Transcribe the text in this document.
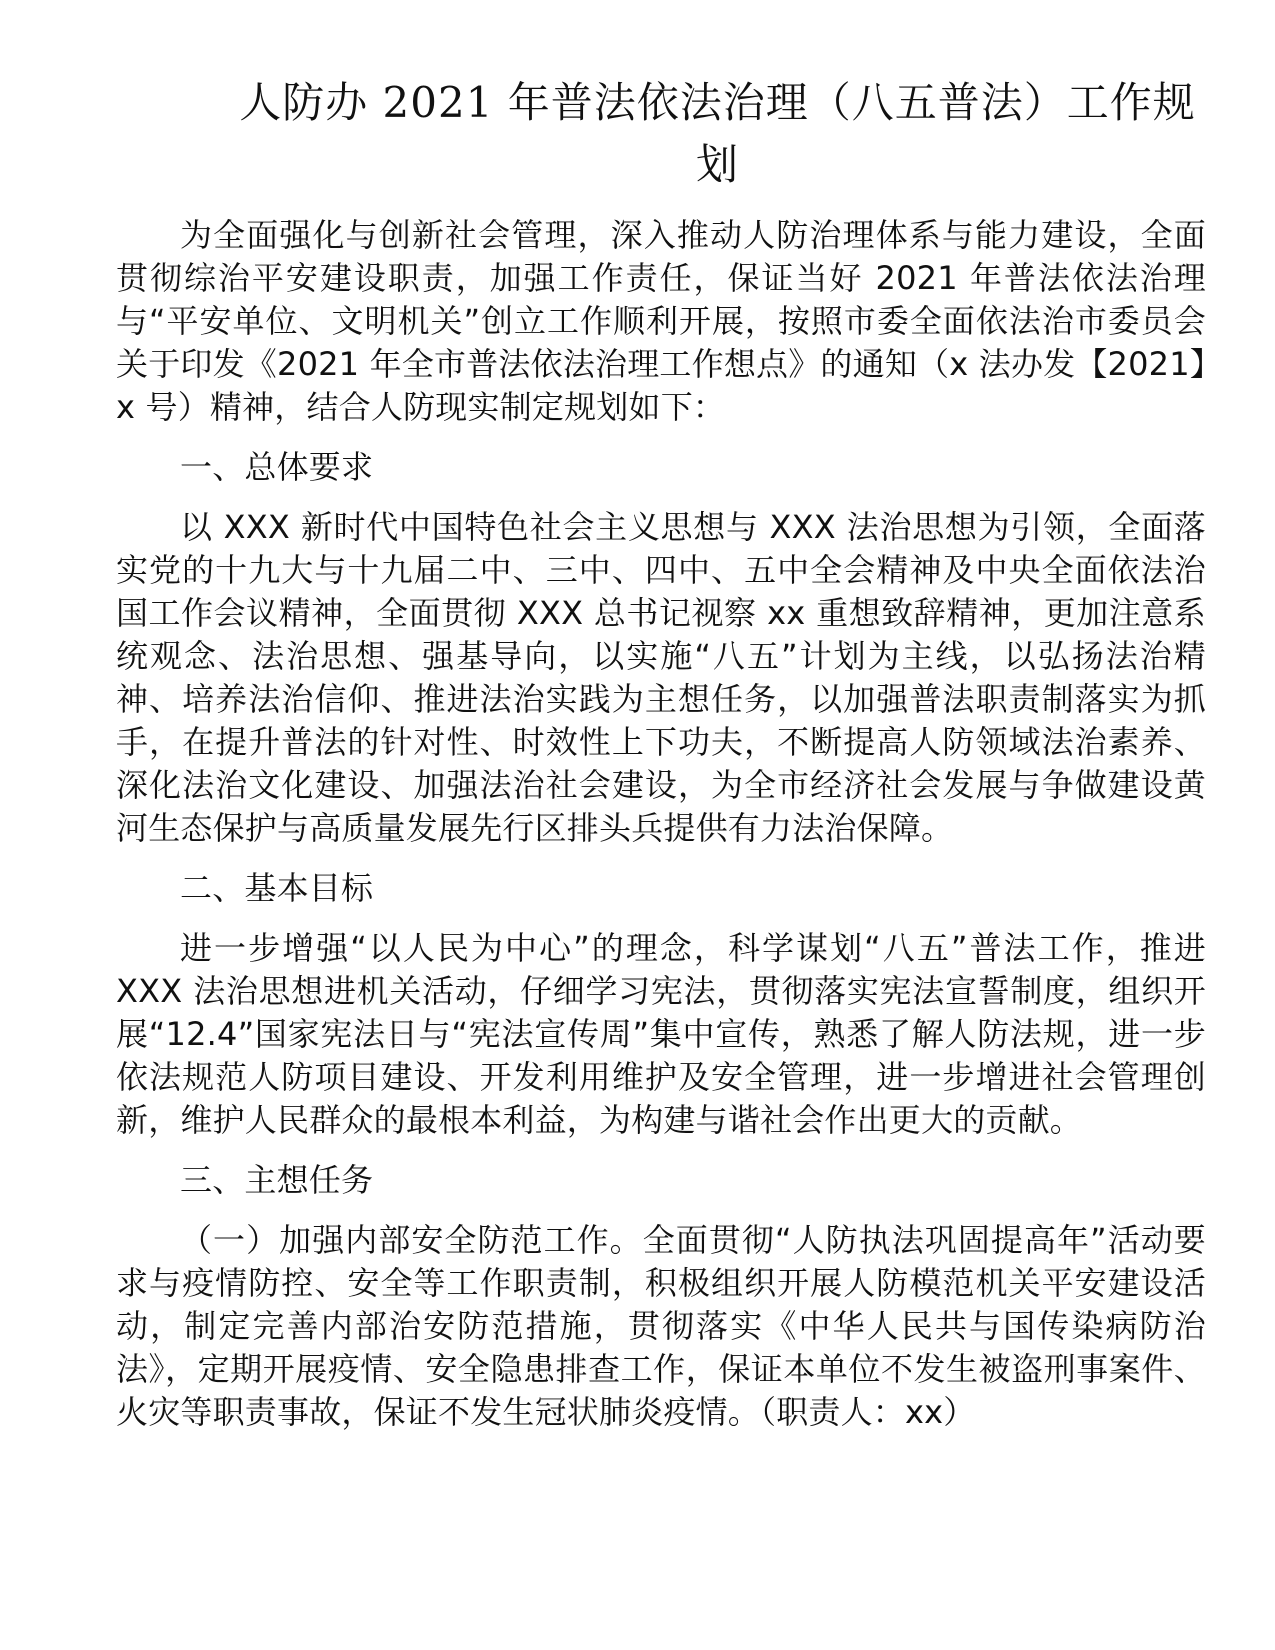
人防办 2021 年普法依法治理（八五普法）工作规划

为全面强化与创新社会管理，深入推动人防治理体系与能力建设，全面贯彻综治平安建设职责，加强工作责任，保证当好 2021 年普法依法治理与“平安单位、文明机关”创立工作顺利开展，按照市委全面依法治市委员会关于印发《2021 年全市普法依法治理工作想点》的通知（x 法办发【2021】x 号）精神，结合人防现实制定规划如下：

一、总体要求

以 XXX 新时代中国特色社会主义思想与 XXX 法治思想为引领，全面落实党的十九大与十九届二中、三中、四中、五中全会精神及中央全面依法治国工作会议精神，全面贯彻 XXX 总书记视察 xx 重想致辞精神，更加注意系统观念、法治思想、强基导向，以实施“八五”计划为主线，以弘扬法治精神、培养法治信仰、推进法治实践为主想任务，以加强普法职责制落实为抓手，在提升普法的针对性、时效性上下功夫，不断提高人防领域法治素养、深化法治文化建设、加强法治社会建设，为全市经济社会发展与争做建设黄河生态保护与高质量发展先行区排头兵提供有力法治保障。

二、基本目标

进一步增强“以人民为中心”的理念，科学谋划“八五”普法工作，推进 XXX 法治思想进机关活动，仔细学习宪法，贯彻落实宪法宣誓制度，组织开展“12.4”国家宪法日与“宪法宣传周”集中宣传，熟悉了解人防法规，进一步依法规范人防项目建设、开发利用维护及安全管理，进一步增进社会管理创新，维护人民群众的最根本利益，为构建与谐社会作出更大的贡献。

三、主想任务

（一）加强内部安全防范工作。全面贯彻“人防执法巩固提高年”活动要求与疫情防控、安全等工作职责制，积极组织开展人防模范机关平安建设活动，制定完善内部治安防范措施，贯彻落实《中华人民共与国传染病防治法》，定期开展疫情、安全隐患排查工作，保证本单位不发生被盗刑事案件、火灾等职责事故，保证不发生冠状肺炎疫情。（职责人：xx）
